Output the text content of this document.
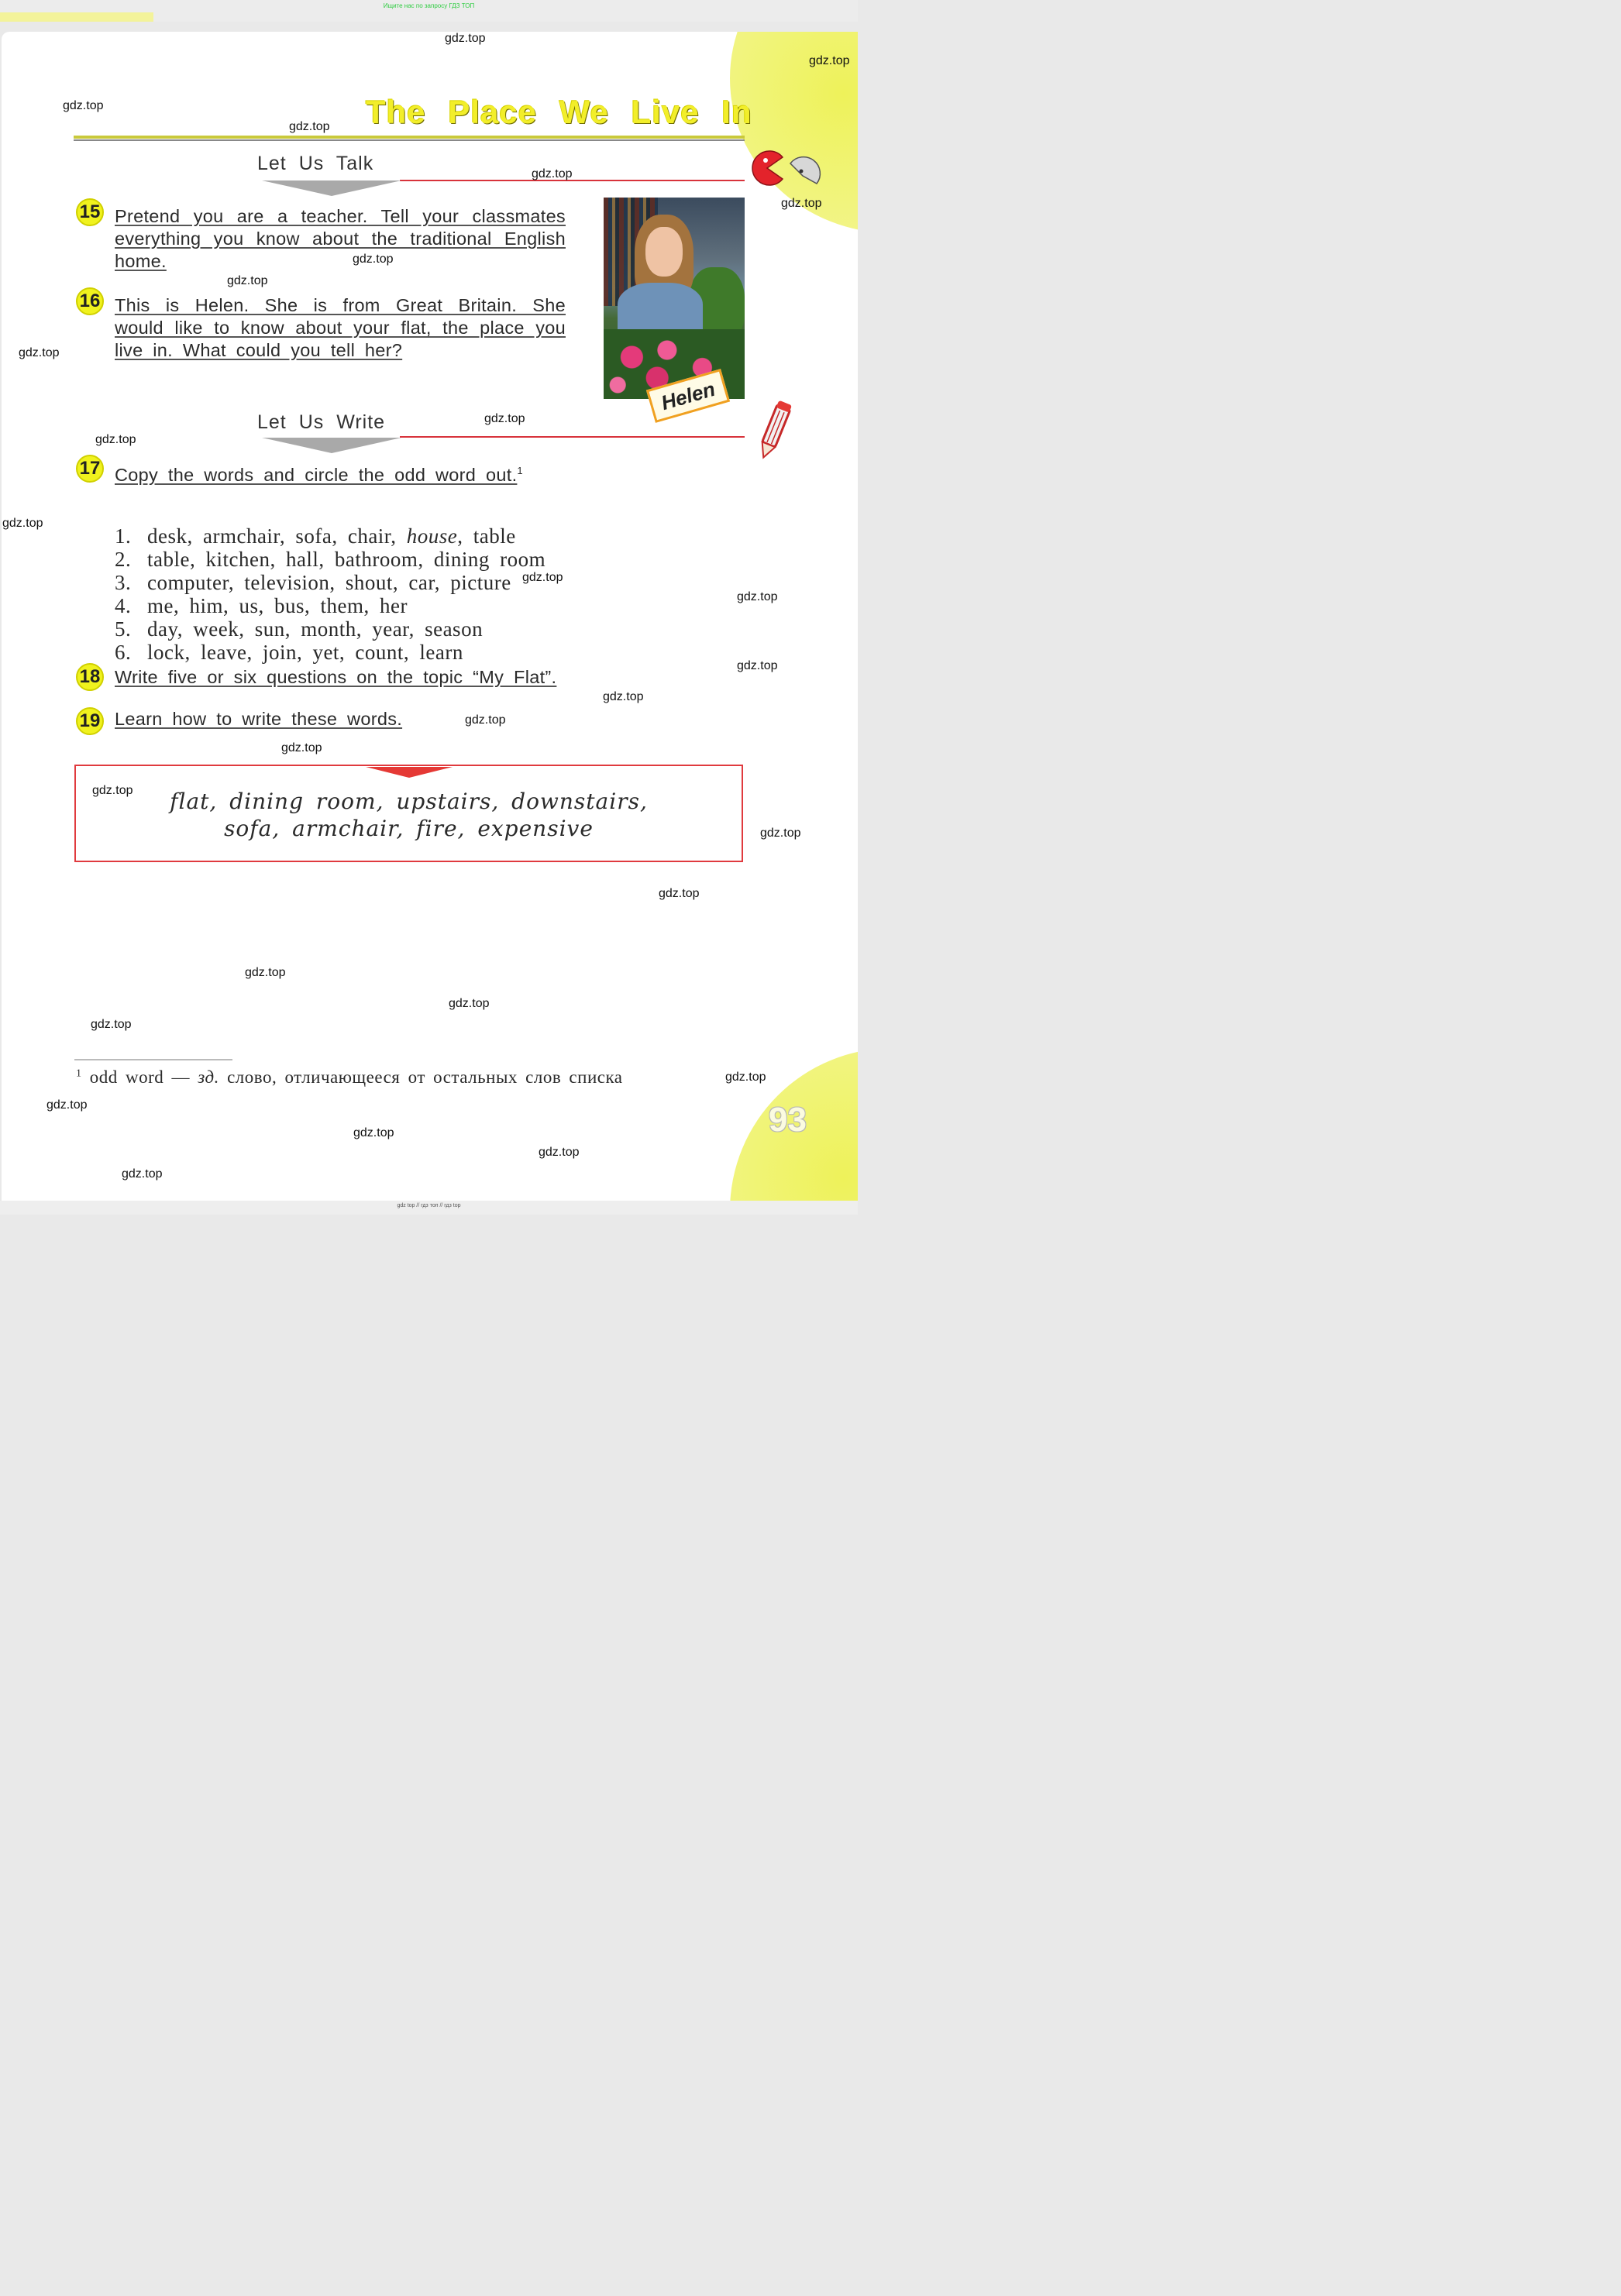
Ищите нас по запросу ГДЗ ТОП
The Place We Live In
Let Us Talk
15 Pretend you are a teacher. Tell your classmates everything you know about the traditional English home.
16 This is Helen. She is from Great Britain. She would like to know about your flat, the place you live in. What could you tell her?
Helen
Let Us Write
17 Copy the words and circle the odd word out.$^1$
1. desk, armchair, sofa, chair, house, table
2. table, kitchen, hall, bathroom, dining room
3. computer, television, shout, car, picture
4. me, him, us, bus, them, her
5. day, week, sun, month, year, season
6. lock, leave, join, yet, count, learn
18 Write five or six questions on the topic “My Flat”.
19 Learn how to write these words.
flat, dining room, upstairs, downstairs,
sofa, armchair, fire, expensive
$^1$ odd word — зд. слово, отличающееся от остальных слов списка
93
gdz.top
gdz.top
gdz.top
gdz.top
gdz.top
gdz.top
gdz.top
gdz.top
gdz.top
gdz.top
gdz.top
gdz.top
gdz.top
gdz.top
gdz.top
gdz.top
gdz.top
gdz.top
gdz.top
gdz.top
gdz.top
gdz.top
gdz.top
gdz.top
gdz.top
gdz.top
gdz.top
gdz.top
gdz.top
gdz top // гдз топ // гдз top
